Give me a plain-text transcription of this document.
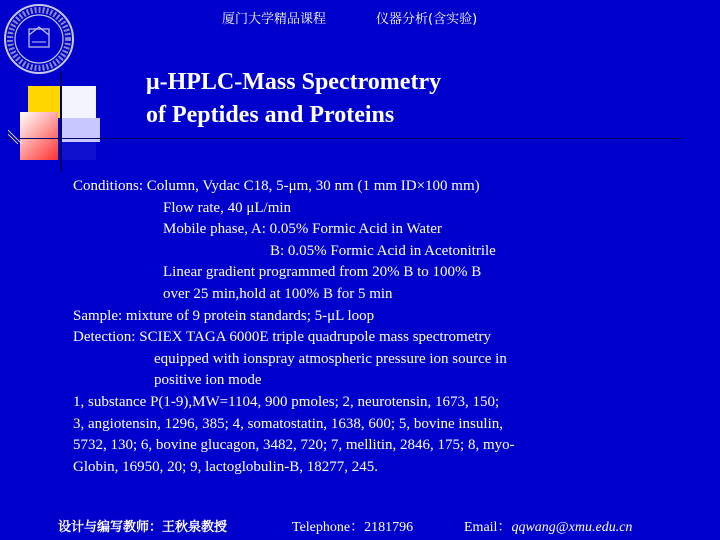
厦门大学精品课程	仪器分析(含实验)
μ-HPLC-Mass Spectrometry
of Peptides and Proteins
Conditions: Column, Vydac C18, 5-μm, 30 nm (1 mm ID×100 mm)
Flow rate, 40 μL/min
Mobile phase, A: 0.05% Formic Acid in Water
B: 0.05% Formic Acid in Acetonitrile
Linear gradient programmed from 20% B to 100% B
over 25 min,hold at 100% B for 5 min
Sample: mixture of 9 protein standards; 5-μL loop
Detection: SCIEX TAGA 6000E triple quadrupole mass spectrometry
equipped with ionspray atmospheric pressure ion source in
positive ion mode
1, substance P(1-9),MW=1104, 900 pmoles; 2, neurotensin, 1673, 150;
3, angiotensin, 1296, 385; 4, somatostatin, 1638, 600; 5, bovine insulin,
5732, 130; 6, bovine glucagon, 3482, 720; 7, mellitin, 2846, 175; 8, myo-
Globin, 16950, 20; 9, lactoglobulin-B, 18277, 245.
设计与编写教师：王秋泉教授	Telephone：2181796	Email：qqwang@xmu.edu.cn
